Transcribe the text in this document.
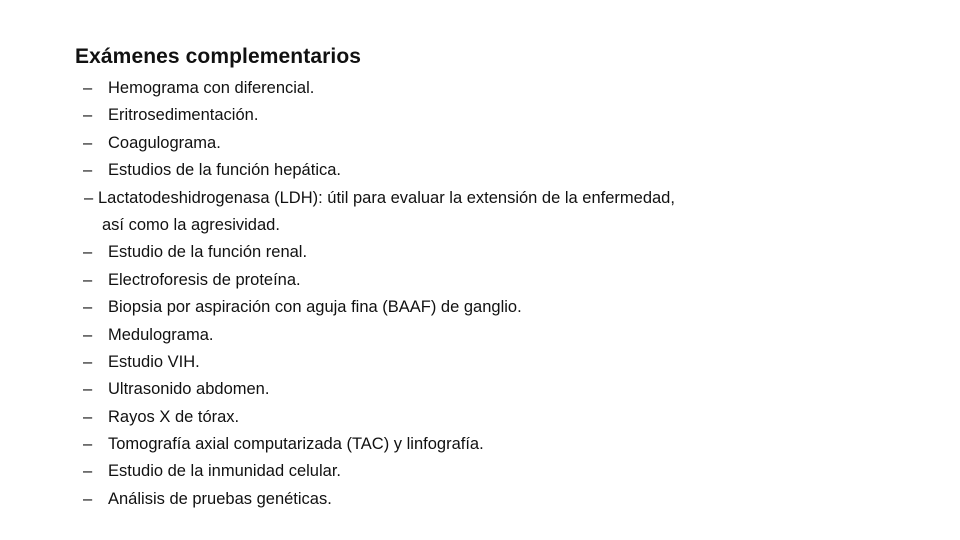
Exámenes complementarios
– Hemograma con diferencial.
– Eritrosedimentación.
– Coagulograma.
– Estudios de la función hepática.
– Lactatodeshidrogenasa (LDH): útil para evaluar la extensión de la enfermedad,
así como la agresividad.
– Estudio de la función renal.
– Electroforesis de proteína.
– Biopsia por aspiración con aguja fina (BAAF) de ganglio.
– Medulograma.
– Estudio VIH.
– Ultrasonido abdomen.
– Rayos X de tórax.
– Tomografía axial computarizada (TAC) y linfografía.
– Estudio de la inmunidad celular.
– Análisis de pruebas genéticas.
